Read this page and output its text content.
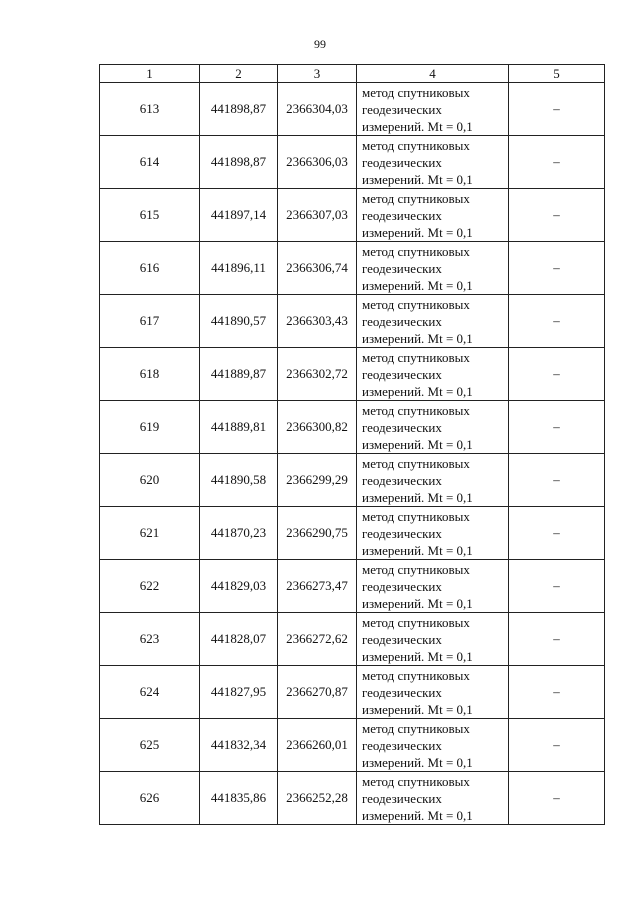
99
1	2	3	4	5
613	441898,87	2366304,03	метод спутниковых
геодезических
измерений. Mt = 0,1	–
614	441898,87	2366306,03	метод спутниковых
геодезических
измерений. Mt = 0,1	–
615	441897,14	2366307,03	метод спутниковых
геодезических
измерений. Mt = 0,1	–
616	441896,11	2366306,74	метод спутниковых
геодезических
измерений. Mt = 0,1	–
617	441890,57	2366303,43	метод спутниковых
геодезических
измерений. Mt = 0,1	–
618	441889,87	2366302,72	метод спутниковых
геодезических
измерений. Mt = 0,1	–
619	441889,81	2366300,82	метод спутниковых
геодезических
измерений. Mt = 0,1	–
620	441890,58	2366299,29	метод спутниковых
геодезических
измерений. Mt = 0,1	–
621	441870,23	2366290,75	метод спутниковых
геодезических
измерений. Mt = 0,1	–
622	441829,03	2366273,47	метод спутниковых
геодезических
измерений. Mt = 0,1	–
623	441828,07	2366272,62	метод спутниковых
геодезических
измерений. Mt = 0,1	–
624	441827,95	2366270,87	метод спутниковых
геодезических
измерений. Mt = 0,1	–
625	441832,34	2366260,01	метод спутниковых
геодезических
измерений. Mt = 0,1	–
626	441835,86	2366252,28	метод спутниковых
геодезических
измерений. Mt = 0,1	–
